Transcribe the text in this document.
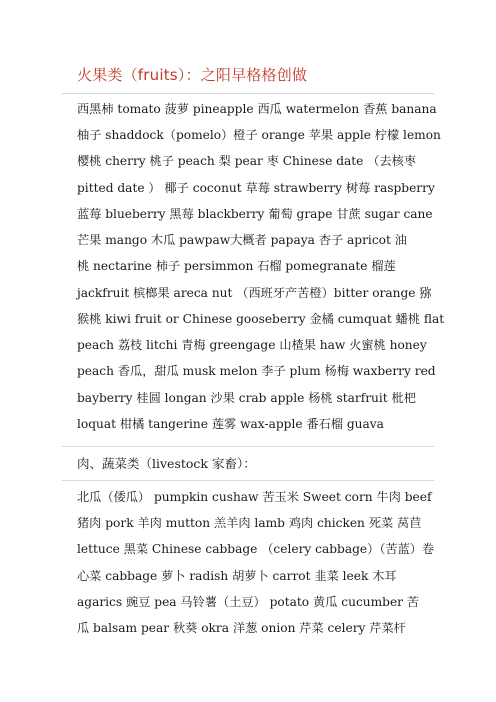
火果类（fruits）：之阳早格格创做
西黑柿 tomato 菠萝 pineapple 西瓜 watermelon 香蕉 banana
柚子 shaddock（pomelo）橙子 orange 苹果 apple 柠檬 lemon
樱桃 cherry 桃子 peach 梨 pear 枣 Chinese date （去核枣
pitted date ） 椰子 coconut 草莓 strawberry 树莓 raspberry
蓝莓 blueberry 黑莓 blackberry 葡萄 grape 甘蔗 sugar cane
芒果 mango 木瓜 pawpaw大概者 papaya 杏子 apricot 油
桃 nectarine 柿子 persimmon 石榴 pomegranate 榴莲
jackfruit 槟榔果 areca nut （西班牙产苦橙）bitter orange 猕
猴桃 kiwi fruit or Chinese gooseberry 金橘 cumquat 蟠桃 flat
peach 荔枝 litchi 青梅 greengage 山楂果 haw 火蜜桃 honey
peach 香瓜，甜瓜 musk melon 李子 plum 杨梅 waxberry red
bayberry 桂圆 longan 沙果 crab apple 杨桃 starfruit 枇杷
loquat 柑橘 tangerine 莲雾 wax-apple 番石榴 guava
肉、蔬菜类（livestock 家畜）：
北瓜（倭瓜） pumpkin cushaw 苦玉米 Sweet corn 牛肉 beef
猪肉 pork 羊肉 mutton 羔羊肉 lamb 鸡肉 chicken 死菜 莴苣
lettuce 黑菜 Chinese cabbage （celery cabbage）（苦蓝）卷
心菜 cabbage 萝卜 radish 胡萝卜 carrot 韭菜 leek 木耳
agarics 豌豆 pea 马铃薯（土豆） potato 黄瓜 cucumber 苦
瓜 balsam pear 秋葵 okra 洋葱 onion 芹菜 celery 芹菜杆
